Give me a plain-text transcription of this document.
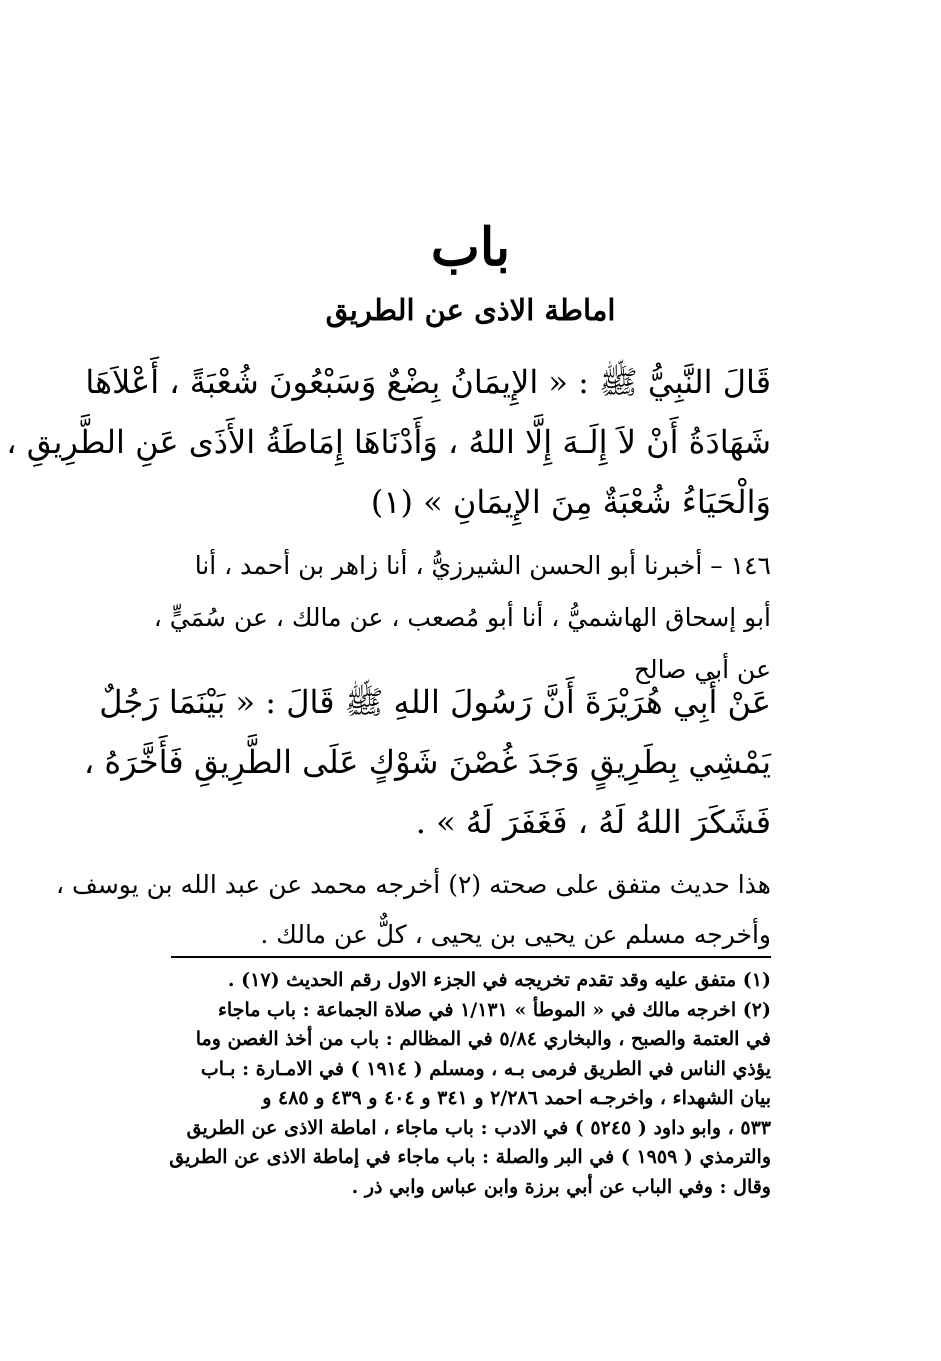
باب
اماطة الاذى عن الطريق
قَالَ النَّبِيُّ ﷺ : « الإِيمَانُ بِضْعٌ وَسَبْعُونَ شُعْبَةً ، أَعْلاَهَا
شَهَادَةُ أَنْ لاَ إِلَـهَ إِلَّا اللهُ ، وَأَدْنَاهَا إِمَاطَةُ الأَذَى عَنِ الطَّرِيقِ ،
وَالْحَيَاءُ شُعْبَةٌ مِنَ الإِيمَانِ » (١)
١٤٦ – أخبرنا أبو الحسن الشيرزيُّ ، أنا زاهر بن أحمد ، أنا
أبو إسحاق الهاشميُّ ، أنا أبو مُصعب ، عن مالك ، عن سُمَيٍّ ،
عن أبي صالح
عَنْ أَبِي هُرَيْرَةَ أَنَّ رَسُولَ اللهِ ﷺ قَالَ : « بَيْنَمَا رَجُلٌ
يَمْشِي بِطَرِيقٍ وَجَدَ غُصْنَ شَوْكٍ عَلَى الطَّرِيقِ فَأَخَّرَهُ ،
فَشَكَرَ اللهُ لَهُ ، فَغَفَرَ لَهُ » .
هذا حديث متفق على صحته (٢) أخرجه محمد عن عبد الله بن يوسف ،
وأخرجه مسلم عن يحيى بن يحيى ، كلٌّ عن مالك .
(١) متفق عليه وقد تقدم تخريجه في الجزء الاول رقم الحديث (١٧) .
(٢) اخرجه مالك في « الموطأ » ١/١٣١ في صلاة الجماعة : باب ماجاء
في العتمة والصبح ، والبخاري ٥/٨٤ في المظالم : باب من أخذ الغصن وما
يؤذي الناس في الطريق فرمى بـه ، ومسلم ( ١٩١٤ ) في الامـارة : بـاب
بيان الشهداء ، واخرجـه احمد ٢/٢٨٦ و ٣٤١ و ٤٠٤ و ٤٣٩ و ٤٨٥ و
٥٣٣ ، وابو داود ( ٥٢٤٥ ) في الادب : باب ماجاء ، اماطة الاذى عن الطريق
والترمذي ( ١٩٥٩ ) في البر والصلة : باب ماجاء في إماطة الاذى عن الطريق
وقال : وفي الباب عن أبي برزة وابن عباس وابي ذر .
